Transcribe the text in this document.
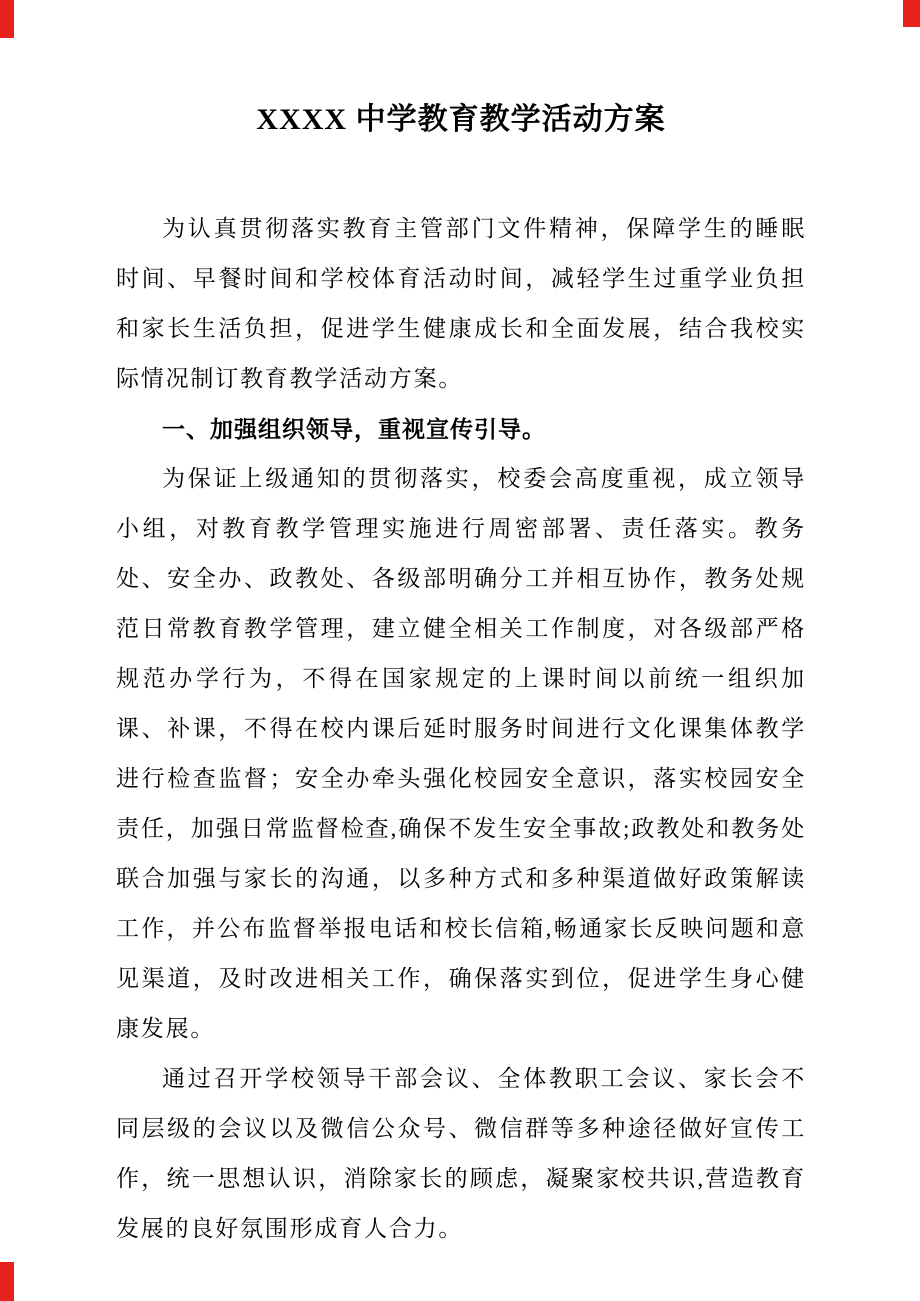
XXXX 中学教育教学活动方案

为认真贯彻落实教育主管部门文件精神，保障学生的睡眠时间、早餐时间和学校体育活动时间，减轻学生过重学业负担和家长生活负担，促进学生健康成长和全面发展，结合我校实际情况制订教育教学活动方案。

一、加强组织领导，重视宣传引导。

为保证上级通知的贯彻落实，校委会高度重视，成立领导小组，对教育教学管理实施进行周密部署、责任落实。教务处、安全办、政教处、各级部明确分工并相互协作，教务处规范日常教育教学管理，建立健全相关工作制度，对各级部严格规范办学行为，不得在国家规定的上课时间以前统一组织加课、补课，不得在校内课后延时服务时间进行文化课集体教学进行检查监督；安全办牵头强化校园安全意识，落实校园安全责任，加强日常监督检查,确保不发生安全事故;政教处和教务处联合加强与家长的沟通，以多种方式和多种渠道做好政策解读工作，并公布监督举报电话和校长信箱,畅通家长反映问题和意见渠道，及时改进相关工作，确保落实到位，促进学生身心健康发展。

通过召开学校领导干部会议、全体教职工会议、家长会不同层级的会议以及微信公众号、微信群等多种途径做好宣传工作，统一思想认识，消除家长的顾虑，凝聚家校共识,营造教育发展的良好氛围形成育人合力。
